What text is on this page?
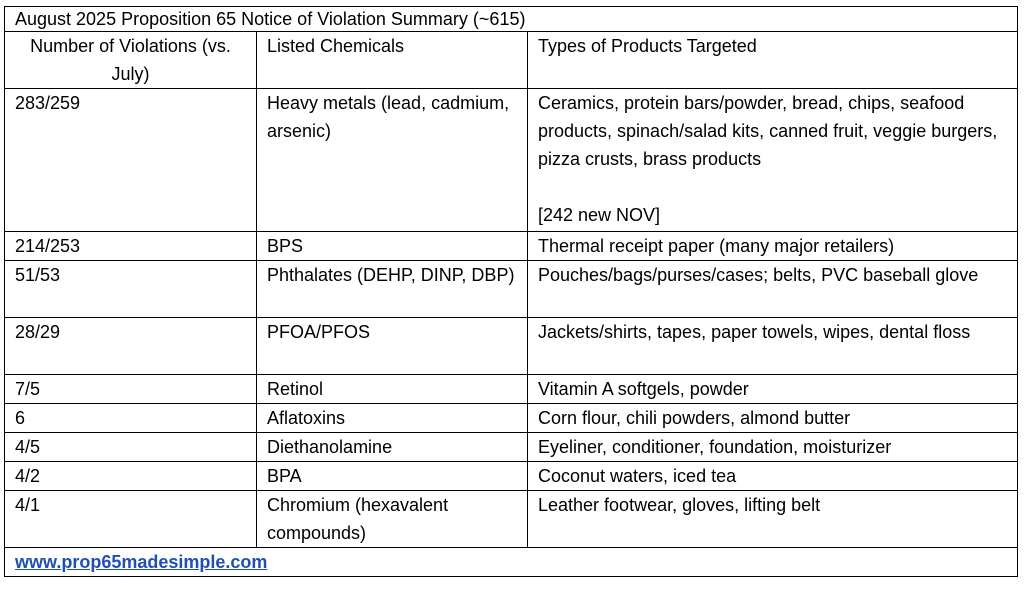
August 2025 Proposition 65 Notice of Violation Summary (~615)		
Number of Violations (vs. July)	Listed Chemicals	Types of Products Targeted
283/259	Heavy metals (lead, cadmium, arsenic)	Ceramics, protein bars/powder, bread, chips, seafood products, spinach/salad kits, canned fruit, veggie burgers, pizza crusts, brass products
[242 new NOV]

214/253	BPS	Thermal receipt paper (many major retailers)
51/53	Phthalates (DEHP, DINP, DBP)	Pouches/bags/purses/cases; belts, PVC baseball glove
28/29	PFOA/PFOS	Jackets/shirts, tapes, paper towels, wipes, dental floss
7/5	Retinol	Vitamin A softgels, powder
6	Aflatoxins	Corn flour, chili powders, almond butter
4/5	Diethanolamine	Eyeliner, conditioner, foundation, moisturizer
4/2	BPA	Coconut waters, iced tea
4/1	Chromium (hexavalent compounds)	Leather footwear, gloves, lifting belt
www.prop65madesimple.com		
